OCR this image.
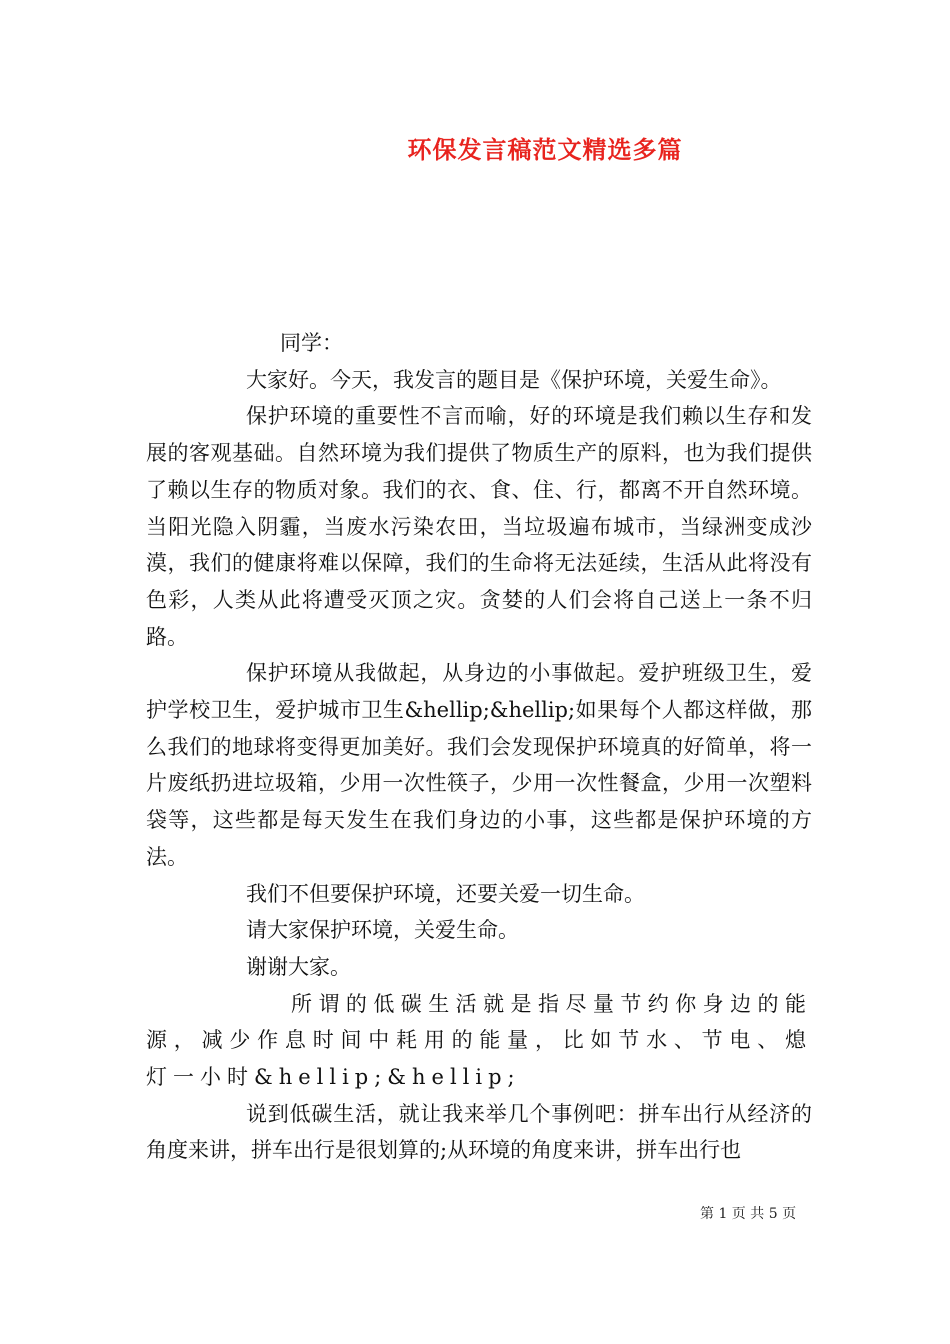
环保发言稿范文精选多篇

同学：

大家好。今天，我发言的题目是《保护环境，关爱生命》。

保护环境的重要性不言而喻，好的环境是我们赖以生存和发展的客观基础。自然环境为我们提供了物质生产的原料，也为我们提供了赖以生存的物质对象。我们的衣、食、住、行，都离不开自然环境。当阳光隐入阴霾，当废水污染农田，当垃圾遍布城市，当绿洲变成沙漠，我们的健康将难以保障，我们的生命将无法延续，生活从此将没有色彩，人类从此将遭受灭顶之灾。贪婪的人们会将自己送上一条不归路。

保护环境从我做起，从身边的小事做起。爱护班级卫生，爱护学校卫生，爱护城市卫生&hellip;&hellip;如果每个人都这样做，那么我们的地球将变得更加美好。我们会发现保护环境真的好简单，将一片废纸扔进垃圾箱，少用一次性筷子，少用一次性餐盒，少用一次塑料袋等，这些都是每天发生在我们身边的小事，这些都是保护环境的方法。

我们不但要保护环境，还要关爱一切生命。

请大家保护环境，关爱生命。

谢谢大家。

所谓的低碳生活就是指尽量节约你身边的能源，减少作息时间中耗用的能量，比如节水、节电、熄灯一小时&hellip;&hellip;

说到低碳生活，就让我来举几个事例吧：拼车出行从经济的角度来讲，拼车出行是很划算的;从环境的角度来讲，拼车出行也

第 1 页 共 5 页
